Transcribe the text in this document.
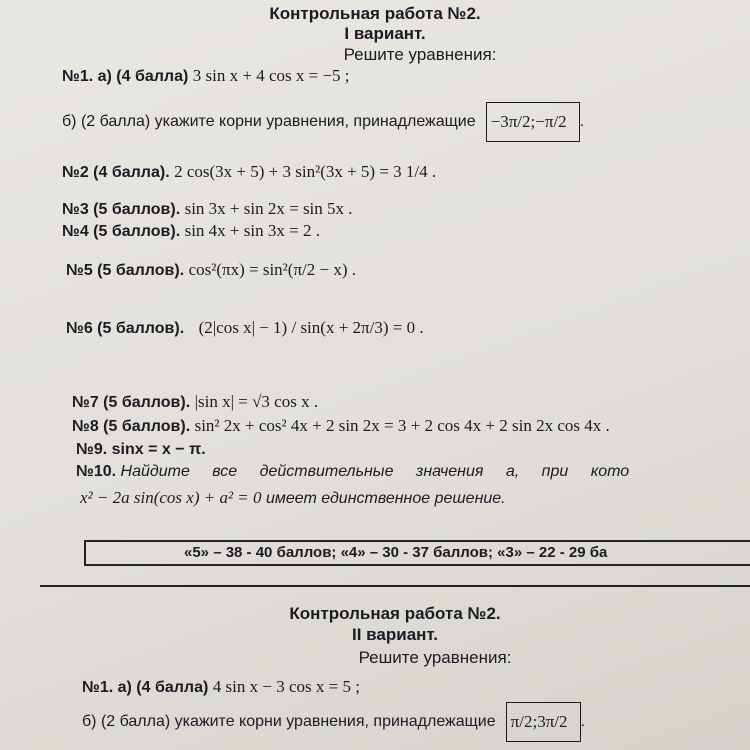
Контрольная работа №2.
I вариант.
Решите уравнения:
№1. а) (4 балла) 3 sin x + 4 cos x = −5 ;
б) (2 балла) укажите корни уравнения, принадлежащие −3π/2 ; −π/2 .
№2 (4 балла). 2 cos(3x + 5) + 3 sin²(3x + 5) = 3 1/4 .
№3 (5 баллов). sin 3x + sin 2x = sin 5x .
№4 (5 баллов). sin 4x + sin 3x = 2 .
№5 (5 баллов). cos²(πx) = sin²(π/2 − x) .
№6 (5 баллов). (2|cos x| − 1) / sin(x + 2π/3) = 0 .
№7 (5 баллов). |sin x| = √3 cos x .
№8 (5 баллов). sin² 2x + cos² 4x + 2 sin 2x = 3 + 2 cos 4x + 2 sin 2x cos 4x .
№9. sinx = x − π.
№10. Найдите все действительные значения а, при кото
x² − 2a sin(cos x) + a² = 0 имеет единственное решение.
«5» – 38 - 40 баллов; «4» – 30 - 37 баллов; «3» – 22 - 29 ба
Контрольная работа №2.
II вариант.
Решите уравнения:
№1. а) (4 балла) 4 sin x − 3 cos x = 5 ;
б) (2 балла) укажите корни уравнения, принадлежащие π/2 ; 3π/2 .
